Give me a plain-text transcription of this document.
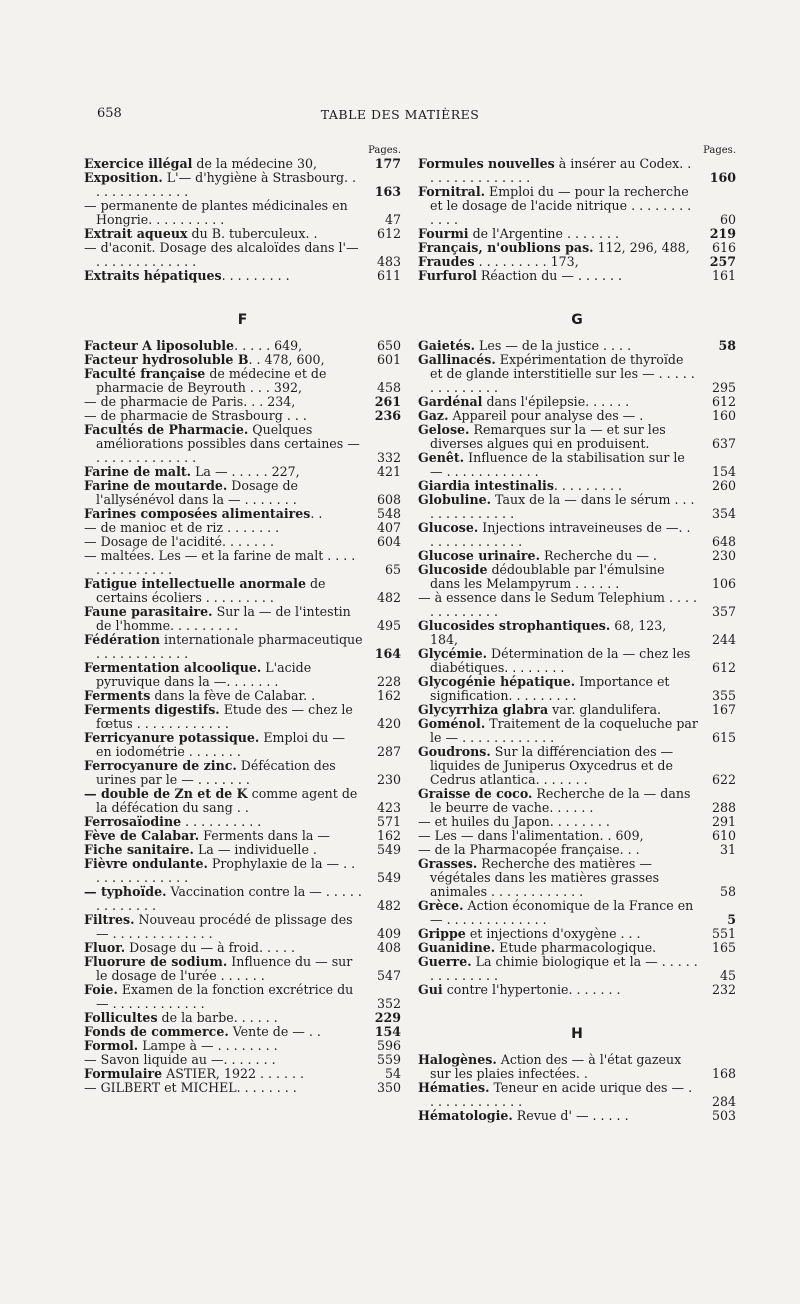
658	TABLE DES MATIÈRES
Pages.
Exercice illégal de la médecine 30,	177
Exposition. L'— d'hygiène à Strasbourg. . . . . . . . . . . . . .	163
— permanente de plantes médicinales en Hongrie. . . . . . . . . .	47
Extrait aqueux du B. tuberculeux. .	612
— d'aconit. Dosage des alcaloïdes dans l'— . . . . . . . . . . . . .	483
Extraits hépatiques. . . . . . . . .	611
F
Facteur A liposoluble. . . . . 649,	650
Facteur hydrosoluble B. . 478, 600,	601
Faculté française de médecine et de pharmacie de Beyrouth . . . 392,	458
— de pharmacie de Paris. . . 234,	261
— de pharmacie de Strasbourg . . .	236
Facultés de Pharmacie. Quelques améliorations possibles dans certaines — . . . . . . . . . . . . .	332
Farine de malt. La — . . . . . 227,	421
Farine de moutarde. Dosage de l'allysénévol dans la — . . . . . . .	608
Farines composées alimentaires. .	548
— de manioc et de riz . . . . . . .	407
— Dosage de l'acidité. . . . . . .	604
— maltées. Les — et la farine de malt . . . . . . . . . . . . . .	65
Fatigue intellectuelle anormale de certains écoliers . . . . . . . . .	482
Faune parasitaire. Sur la — de l'intestin de l'homme. . . . . . . . .	495
Fédération internationale pharmaceutique . . . . . . . . . . . .	164
Fermentation alcoolique. L'acide pyruvique dans la —. . . . . . .	228
Ferments dans la fève de Calabar. .	162
Ferments digestifs. Etude des — chez le fœtus . . . . . . . . . . . .	420
Ferricyanure potassique. Emploi du — en iodométrie . . . . . . .	287
Ferrocyanure de zinc. Défécation des urines par le — . . . . . . .	230
— double de Zn et de K comme agent de la défécation du sang . .	423
Ferrosaïodine . . . . . . . . . .	571
Fève de Calabar. Ferments dans la —	162
Fiche sanitaire. La — individuelle .	549
Fièvre ondulante. Prophylaxie de la — . . . . . . . . . . . . . .	549
— typhoïde. Vaccination contre la — . . . . . . . . . . . . .	482
Filtres. Nouveau procédé de plissage des — . . . . . . . . . . . . .	409
Fluor. Dosage du — à froid. . . . .	408
Fluorure de sodium. Influence du — sur le dosage de l'urée . . . . . .	547
Foie. Examen de la fonction excrétrice du — . . . . . . . . . . . .	352
Follicultes de la barbe. . . . . .	229
Fonds de commerce. Vente de — . .	154
Formol. Lampe à — . . . . . . . .	596
— Savon liquide au —. . . . . . .	559
Formulaire ASTIER, 1922 . . . . . .	54
— GILBERT et MICHEL. . . . . . . .	350
Pages.
Formules nouvelles à insérer au Codex. . . . . . . . . . . . . . .	160
Fornitral. Emploi du — pour la recherche et le dosage de l'acide nitrique . . . . . . . . . . . .	60
Fourmi de l'Argentine . . . . . . .	219
Français, n'oublions pas. 112, 296, 488,	616
Fraudes . . . . . . . . . 173,	257
Furfurol Réaction du — . . . . . .	161
G
Gaietés. Les — de la justice . . . .	58
Gallinacés. Expérimentation de thyroïde et de glande interstitielle sur les — . . . . . . . . . . . . . .	295
Gardénal dans l'épilepsie. . . . . .	612
Gaz. Appareil pour analyse des — .	160
Gelose. Remarques sur la — et sur les diverses algues qui en produisent.	637
Genêt. Influence de la stabilisation sur le — . . . . . . . . . . . .	154
Giardia intestinalis. . . . . . . . .	260
Globuline. Taux de la — dans le sérum . . . . . . . . . . . . . .	354
Glucose. Injections intraveineuses de —. . . . . . . . . . . . . .	648
Glucose urinaire. Recherche du — .	230
Glucoside dédoublable par l'émulsine dans les Melampyrum . . . . . .	106
— à essence dans le Sedum Telephium . . . . . . . . . . . . .	357
Glucosides strophantiques. 68, 123, 184,	244
Glycémie. Détermination de la — chez les diabétiques. . . . . . . .	612
Glycogénie hépatique. Importance et signification. . . . . . . . .	355
Glycyrrhiza glabra var. glandulifera.	167
Goménol. Traitement de la coqueluche par le — . . . . . . . . . . . .	615
Goudrons. Sur la différenciation des — liquides de Juniperus Oxycedrus et de Cedrus atlantica. . . . . . .	622
Graisse de coco. Recherche de la — dans le beurre de vache. . . . . .	288
— et huiles du Japon. . . . . . . .	291
— Les — dans l'alimentation. . 609,	610
— de la Pharmacopée française. . .	31
Grasses. Recherche des matières — végétales dans les matières grasses animales . . . . . . . . . . . .	58
Grèce. Action économique de la France en — . . . . . . . . . . . . .	5
Grippe et injections d'oxygène . . .	551
Guanidine. Etude pharmacologique.	165
Guerre. La chimie biologique et la — . . . . . . . . . . . . . .	45
Gui contre l'hypertonie. . . . . . .	232
H
Halogènes. Action des — à l'état gazeux sur les plaies infectées. .	168
Hématies. Teneur en acide urique des — . . . . . . . . . . . . .	284
Hématologie. Revue d' — . . . . .	503
